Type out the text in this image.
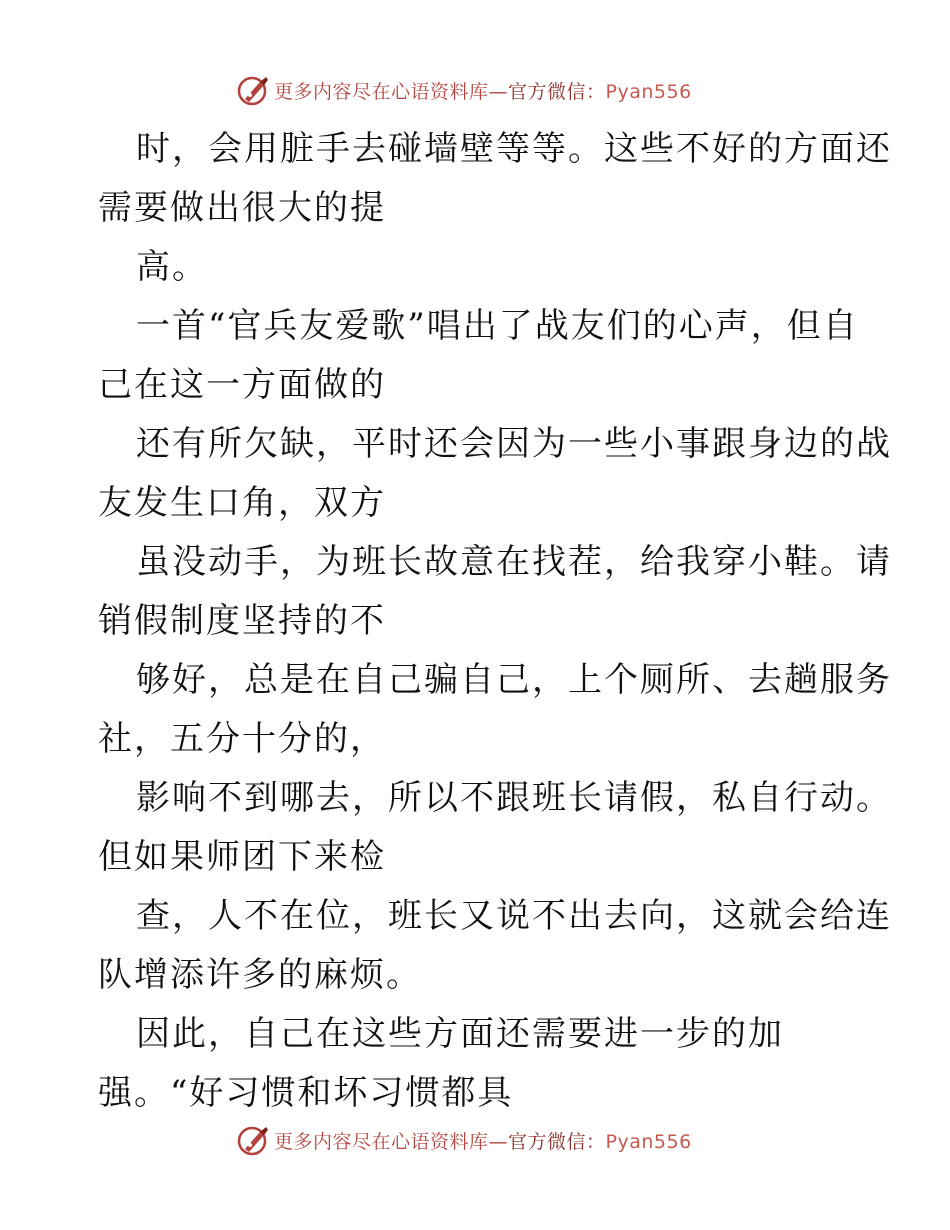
更多内容尽在心语资料库—官方微信：Pyan556
时，会用脏手去碰墙壁等等。这些不好的方面还
需要做出很大的提
高。
一首“官兵友爱歌”唱出了战友们的心声，但自
己在这一方面做的
还有所欠缺，平时还会因为一些小事跟身边的战
友发生口角，双方
虽没动手，为班长故意在找茬，给我穿小鞋。请
销假制度坚持的不
够好，总是在自己骗自己，上个厕所、去趟服务
社，五分十分的，
影响不到哪去，所以不跟班长请假，私自行动。
但如果师团下来检
查，人不在位，班长又说不出去向，这就会给连
队增添许多的麻烦。
因此，自己在这些方面还需要进一步的加
强。“好习惯和坏习惯都具
更多内容尽在心语资料库—官方微信：Pyan556
